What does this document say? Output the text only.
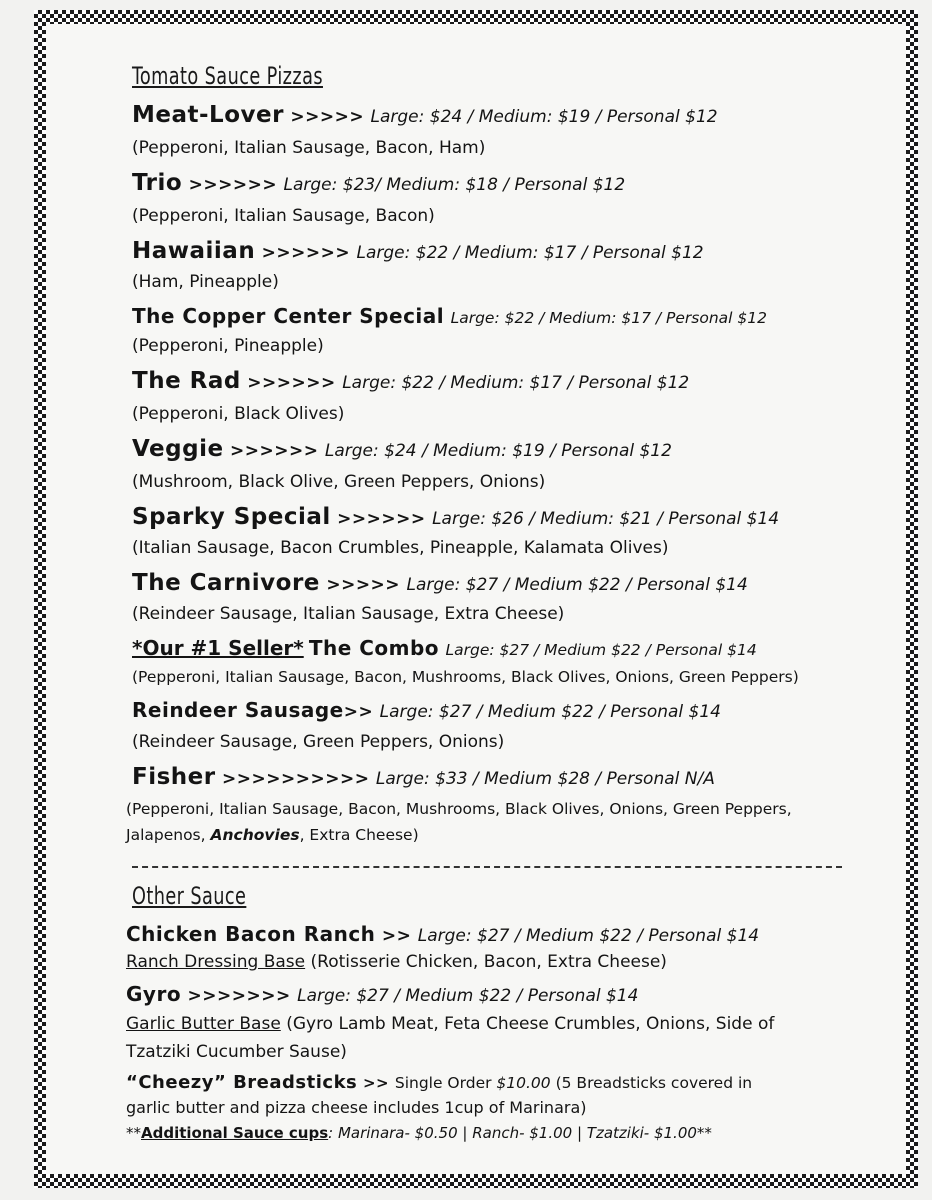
Tomato Sauce Pizzas
Meat-Lover >>>>> Large: $24 / Medium: $19 / Personal $12
(Pepperoni, Italian Sausage, Bacon, Ham)
Trio >>>>>> Large: $23/ Medium: $18 / Personal $12
(Pepperoni, Italian Sausage, Bacon)
Hawaiian >>>>>> Large: $22 / Medium: $17 / Personal $12
(Ham, Pineapple)
The Copper Center Special Large: $22 / Medium: $17 / Personal $12
(Pepperoni, Pineapple)
The Rad >>>>>> Large: $22 / Medium: $17 / Personal $12
(Pepperoni, Black Olives)
Veggie >>>>>> Large: $24 / Medium: $19 / Personal $12
(Mushroom, Black Olive, Green Peppers, Onions)
Sparky Special >>>>>> Large: $26 / Medium: $21 / Personal $14
(Italian Sausage, Bacon Crumbles, Pineapple, Kalamata Olives)
The Carnivore >>>>> Large: $27 / Medium $22 / Personal $14
(Reindeer Sausage, Italian Sausage, Extra Cheese)
*Our #1 Seller* The Combo Large: $27 / Medium $22 / Personal $14
(Pepperoni, Italian Sausage, Bacon, Mushrooms, Black Olives, Onions, Green Peppers)
Reindeer Sausage>> Large: $27 / Medium $22 / Personal $14
(Reindeer Sausage, Green Peppers, Onions)
Fisher >>>>>>>>>> Large: $33 / Medium $28 / Personal N/A
(Pepperoni, Italian Sausage, Bacon, Mushrooms, Black Olives, Onions, Green Peppers,
Jalapenos, Anchovies, Extra Cheese)
Other Sauce
Chicken Bacon Ranch >> Large: $27 / Medium $22 / Personal $14
Ranch Dressing Base (Rotisserie Chicken, Bacon, Extra Cheese)
Gyro >>>>>>> Large: $27 / Medium $22 / Personal $14
Garlic Butter Base (Gyro Lamb Meat, Feta Cheese Crumbles, Onions, Side of
Tzatziki Cucumber Sause)
“Cheezy” Breadsticks >> Single Order $10.00 (5 Breadsticks covered in
garlic butter and pizza cheese includes 1cup of Marinara)
**Additional Sauce cups: Marinara- $0.50 | Ranch- $1.00 | Tzatziki- $1.00**
